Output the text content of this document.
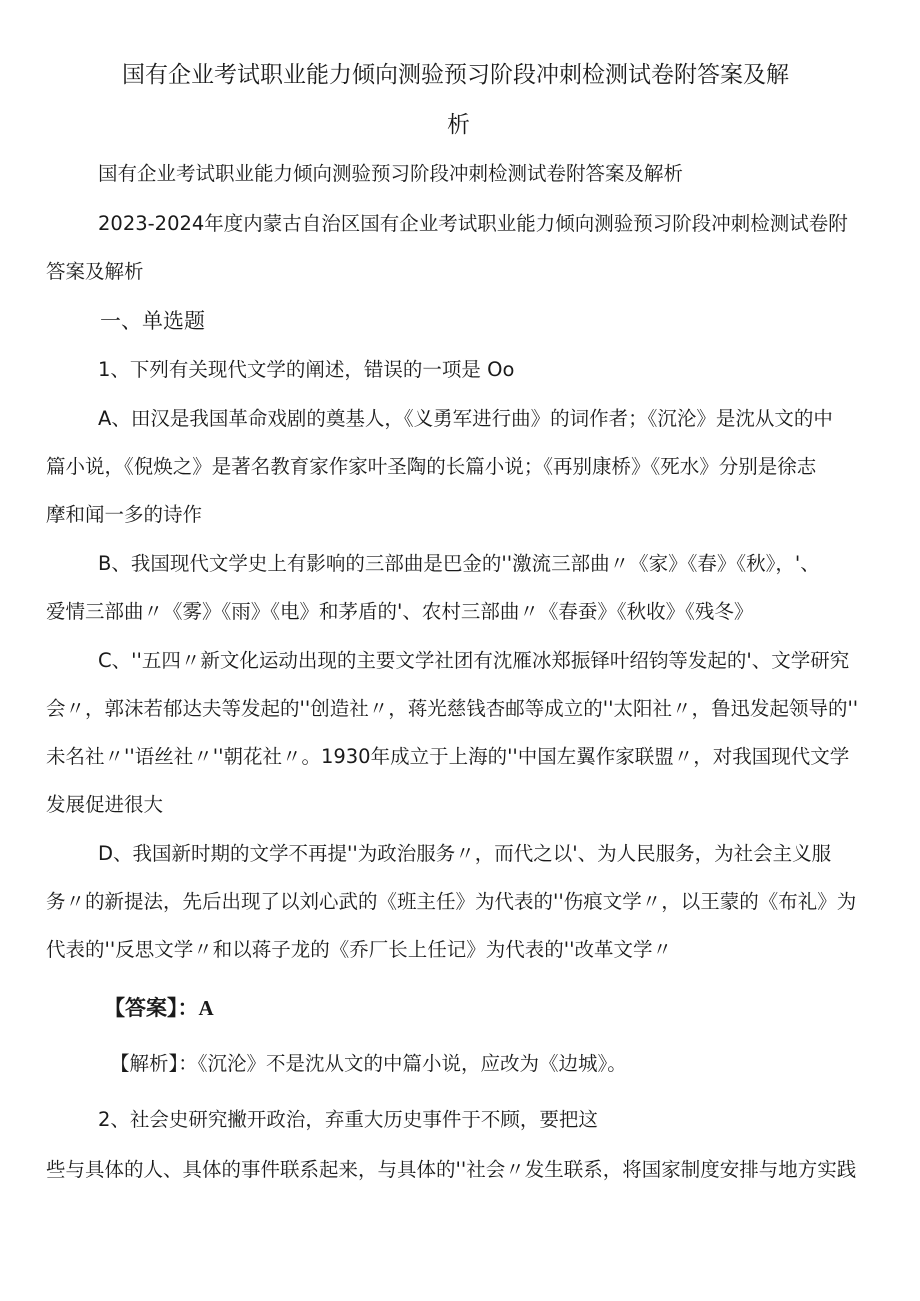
国有企业考试职业能力倾向测验预习阶段冲刺检测试卷附答案及解

析

国有企业考试职业能力倾向测验预习阶段冲刺检测试卷附答案及解析

2023-2024年度内蒙古自治区国有企业考试职业能力倾向测验预习阶段冲刺检测试卷附

答案及解析

一、单选题

1、下列有关现代文学的阐述，错误的一项是 Oo

A、田汉是我国革命戏剧的奠基人，《义勇军进行曲》的词作者；《沉沦》是沈从文的中

篇小说，《倪焕之》是著名教育家作家叶圣陶的长篇小说；《再别康桥》《死水》分别是徐志

摩和闻一多的诗作

B、我国现代文学史上有影响的三部曲是巴金的''激流三部曲〃《家》《春》《秋》，'、

爱情三部曲〃《雾》《雨》《电》和茅盾的'、农村三部曲〃《春蚕》《秋收》《残冬》

C、''五四〃新文化运动出现的主要文学社团有沈雁冰郑振铎叶绍钧等发起的'、文学研究

会〃，郭沫若郁达夫等发起的''创造社〃，蒋光慈钱杏邮等成立的''太阳社〃，鲁迅发起领导的''

未名社〃''语丝社〃''朝花社〃。1930年成立于上海的''中国左翼作家联盟〃，对我国现代文学

发展促进很大

D、我国新时期的文学不再提''为政治服务〃，而代之以'、为人民服务，为社会主义服

务〃的新提法，先后出现了以刘心武的《班主任》为代表的''伤痕文学〃，以王蒙的《布礼》为

代表的''反思文学〃和以蒋子龙的《乔厂长上任记》为代表的''改革文学〃

【答案】：A

【解析】：《沉沦》不是沈从文的中篇小说，应改为《边城》。

2、社会史研究撇开政治，弃重大历史事件于不顾，要把这

些与具体的人、具体的事件联系起来，与具体的''社会〃发生联系，将国家制度安排与地方实践
